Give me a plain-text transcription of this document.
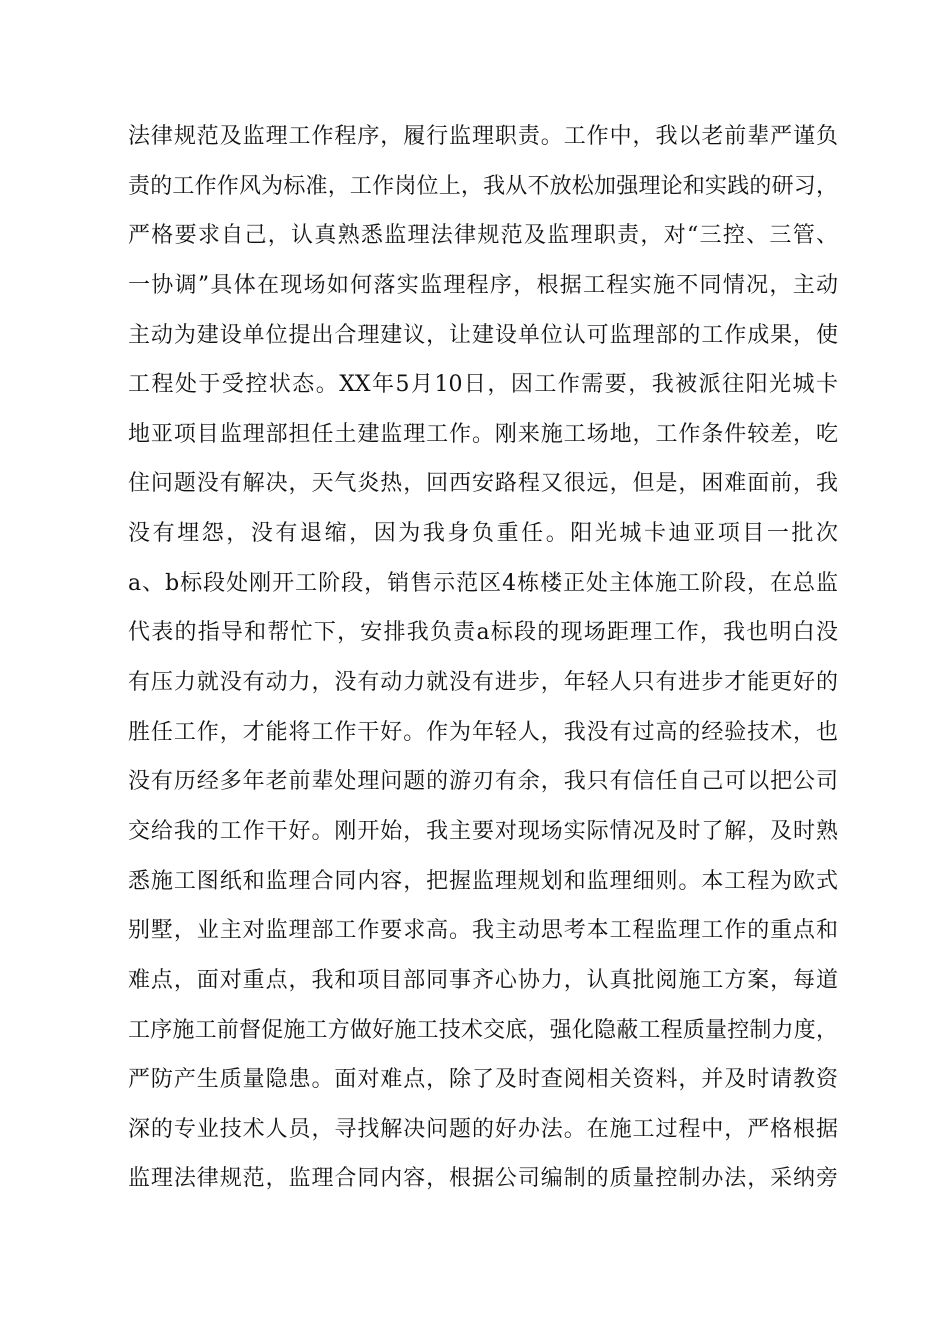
法律规范及监理工作程序，履行监理职责。工作中，我以老前辈严谨负
责的工作作风为标准，工作岗位上，我从不放松加强理论和实践的研习，
严格要求自己，认真熟悉监理法律规范及监理职责，对“三控、三管、
一协调”具体在现场如何落实监理程序，根据工程实施不同情况，主动
主动为建设单位提出合理建议，让建设单位认可监理部的工作成果，使
工程处于受控状态。XX年5月10日，因工作需要，我被派往阳光城卡
地亚项目监理部担任土建监理工作。刚来施工场地，工作条件较差，吃
住问题没有解决，天气炎热，回西安路程又很远，但是，困难面前，我
没有埋怨，没有退缩，因为我身负重任。阳光城卡迪亚项目一批次
a、b标段处刚开工阶段，销售示范区4栋楼正处主体施工阶段，在总监
代表的指导和帮忙下，安排我负责a标段的现场距理工作，我也明白没
有压力就没有动力，没有动力就没有进步，年轻人只有进步才能更好的
胜任工作，才能将工作干好。作为年轻人，我没有过高的经验技术，也
没有历经多年老前辈处理问题的游刃有余，我只有信任自己可以把公司
交给我的工作干好。刚开始，我主要对现场实际情况及时了解，及时熟
悉施工图纸和监理合同内容，把握监理规划和监理细则。本工程为欧式
别墅，业主对监理部工作要求高。我主动思考本工程监理工作的重点和
难点，面对重点，我和项目部同事齐心协力，认真批阅施工方案，每道
工序施工前督促施工方做好施工技术交底，强化隐蔽工程质量控制力度，
严防产生质量隐患。面对难点，除了及时查阅相关资料，并及时请教资
深的专业技术人员，寻找解决问题的好办法。在施工过程中，严格根据
监理法律规范，监理合同内容，根据公司编制的质量控制办法，采纳旁
